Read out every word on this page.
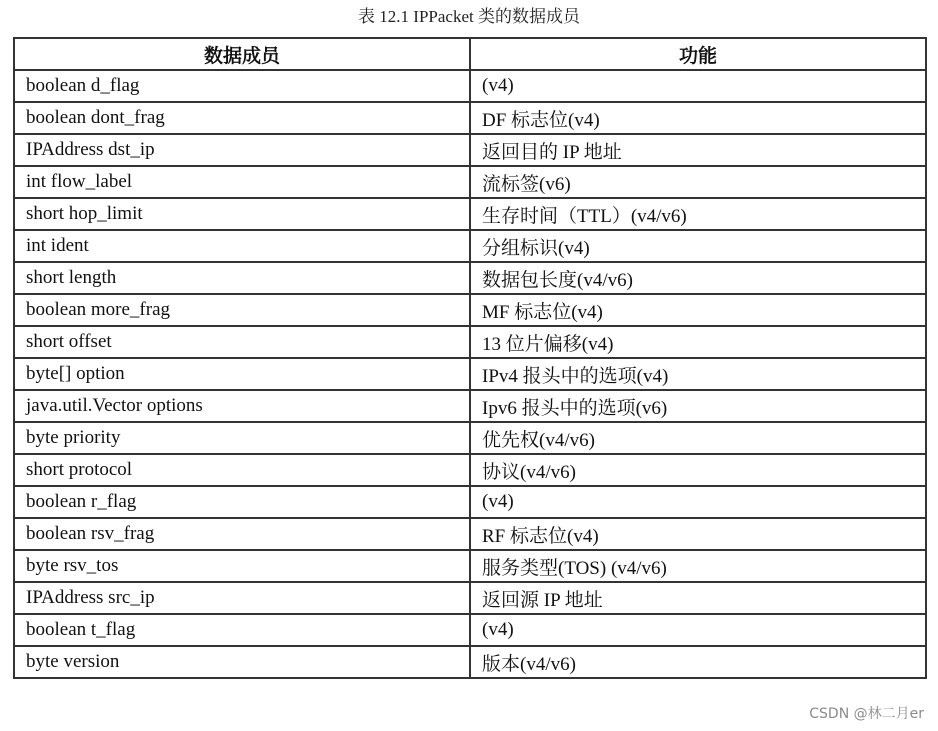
表 12.1 IPPacket 类的数据成员
数据成员	功能
boolean d_flag	(v4)
boolean dont_frag	DF 标志位(v4)
IPAddress dst_ip	返回目的 IP 地址
int flow_label	流标签(v6)
short hop_limit	生存时间（TTL）(v4/v6)
int ident	分组标识(v4)
short length	数据包长度(v4/v6)
boolean more_frag	MF 标志位(v4)
short offset	13 位片偏移(v4)
byte[] option	IPv4 报头中的选项(v4)
java.util.Vector options	Ipv6 报头中的选项(v6)
byte priority	优先权(v4/v6)
short protocol	协议(v4/v6)
boolean r_flag	(v4)
boolean rsv_frag	RF 标志位(v4)
byte rsv_tos	服务类型(TOS) (v4/v6)
IPAddress src_ip	返回源 IP 地址
boolean t_flag	(v4)
byte version	版本(v4/v6)
CSDN @林二月er
